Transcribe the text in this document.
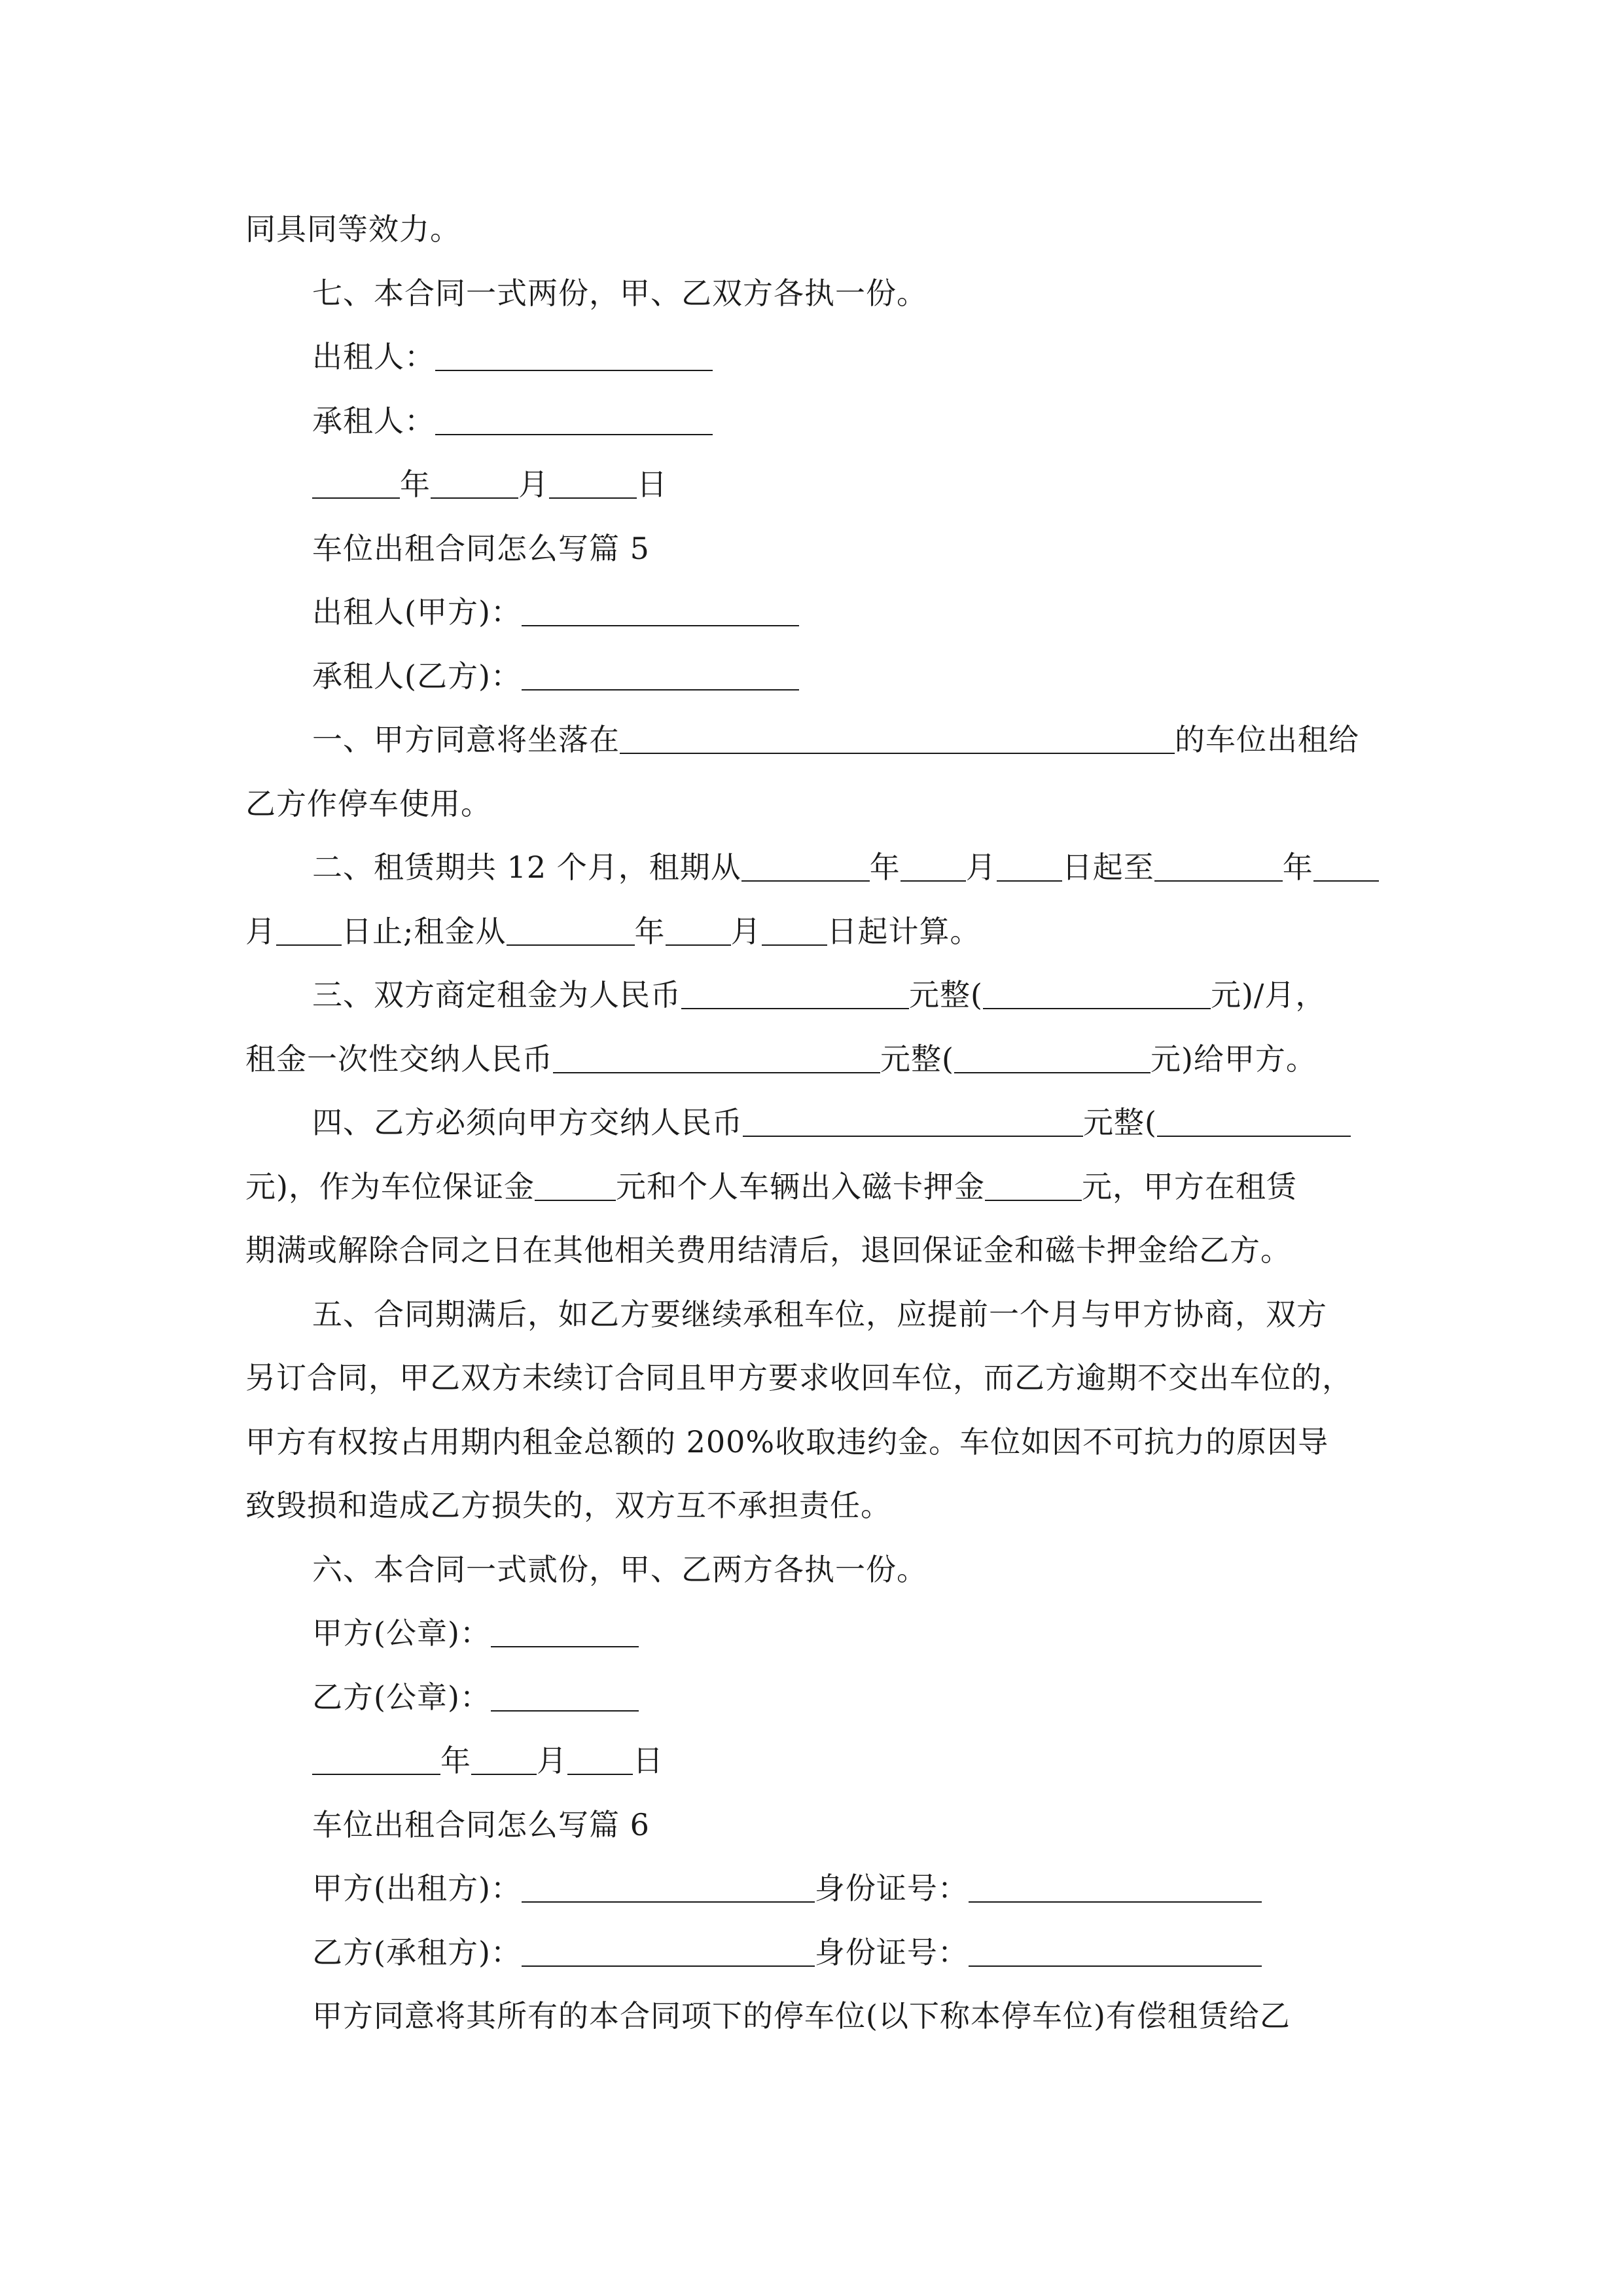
同具同等效力。
七、本合同一式两份，甲、乙双方各执一份。
出租人：
承租人：
年	月	日
车位出租合同怎么写篇 5
出租人(甲方)：
承租人(乙方)：
一、甲方同意将坐落在	的车位出租给
乙方作停车使用。
二、租赁期共 12 个月，租期从	年 月 日起至	年
月 日止;租金从	年 月 日起计算。
三、双方商定租金为人民币	元整(	元)/月，
租金一次性交纳人民币	元整(	元)给甲方。
四、乙方必须向甲方交纳人民币	元整(
元)，作为车位保证金	元和个人车辆出入磁卡押金	元，甲方在租赁
期满或解除合同之日在其他相关费用结清后，退回保证金和磁卡押金给乙方。
五、合同期满后，如乙方要继续承租车位，应提前一个月与甲方协商，双方
另订合同，甲乙双方未续订合同且甲方要求收回车位，而乙方逾期不交出车位的，
甲方有权按占用期内租金总额的 200%收取违约金。车位如因不可抗力的原因导
致毁损和造成乙方损失的，双方互不承担责任。
六、本合同一式贰份，甲、乙两方各执一份。
甲方(公章)：
乙方(公章)：
年 月 日
车位出租合同怎么写篇 6
甲方(出租方)：	身份证号：
乙方(承租方)：	身份证号：
甲方同意将其所有的本合同项下的停车位(以下称本停车位)有偿租赁给乙
